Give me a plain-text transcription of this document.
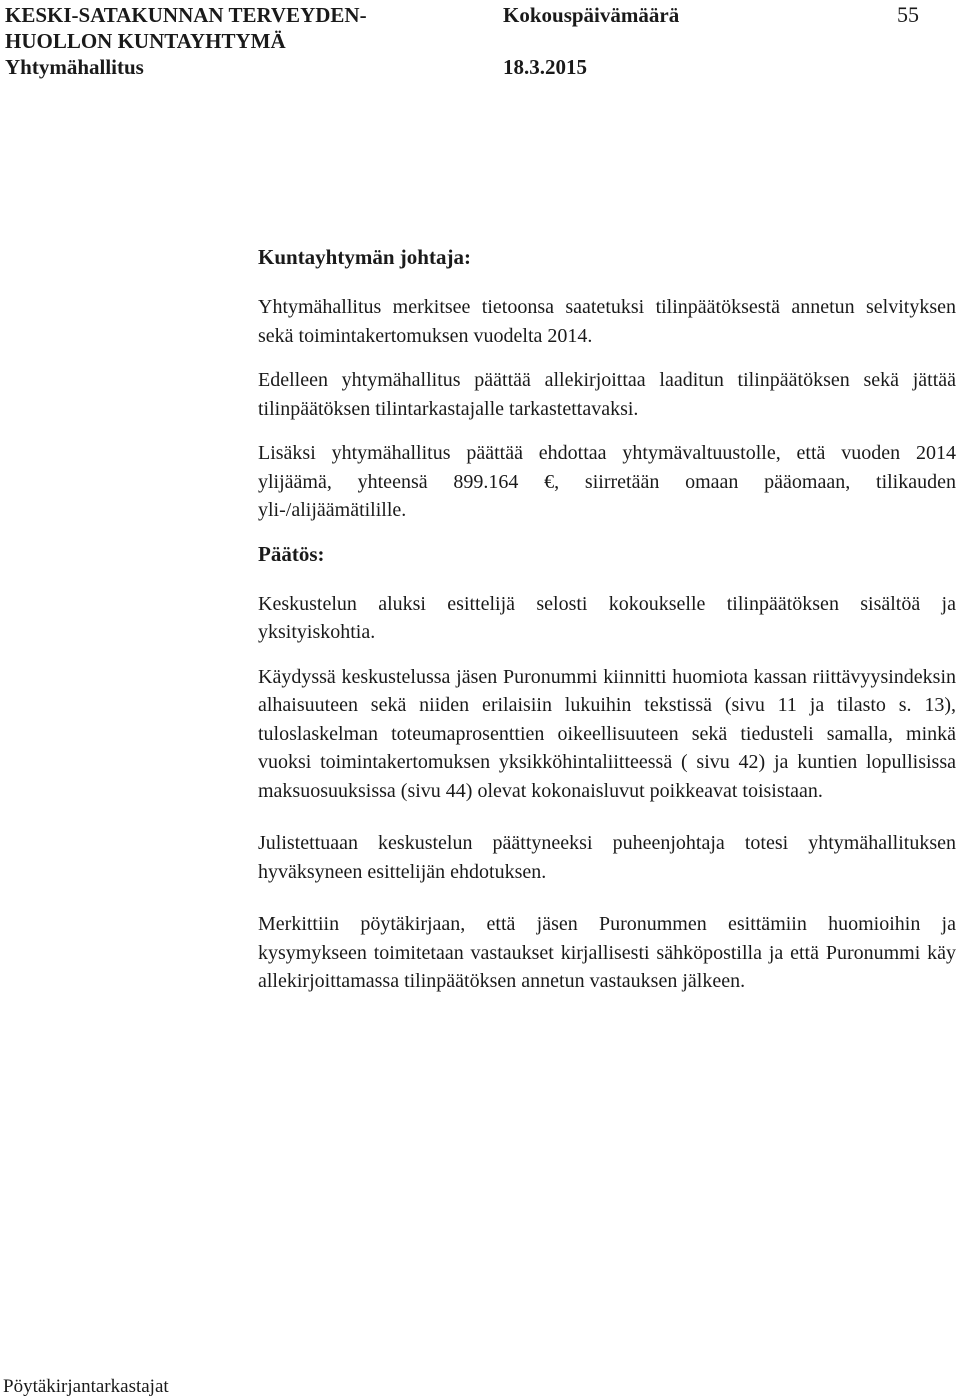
KESKI-SATAKUNNAN TERVEYDEN-
HUOLLON KUNTAYHTYMÄ
Yhtymähallitus
Kokouspäivämäärä
18.3.2015
55

Kuntayhtymän johtaja:

Yhtymähallitus merkitsee tietoonsa saatetuksi tilinpäätöksestä annetun selvityksen sekä toimintakertomuksen vuodelta 2014.

Edelleen yhtymähallitus päättää allekirjoittaa laaditun tilinpäätöksen sekä jättää tilinpäätöksen tilintarkastajalle tarkastettavaksi.

Lisäksi yhtymähallitus päättää ehdottaa yhtymävaltuustolle, että vuoden 2014 ylijäämä, yhteensä 899.164 €, siirretään omaan pääomaan, tilikauden yli-/alijäämätilille.

Päätös:

Keskustelun aluksi esittelijä selosti kokoukselle tilinpäätöksen sisältöä ja yksityiskohtia.

Käydyssä keskustelussa jäsen Puronummi kiinnitti huomiota kassan riittävyysindeksin alhaisuuteen sekä niiden erilaisiin lukuihin tekstissä (sivu 11 ja tilasto s. 13), tuloslaskelman toteumaprosenttien oikeellisuuteen sekä tiedusteli samalla, minkä vuoksi toimintakertomuksen yksikköhintaliitteessä ( sivu 42) ja kuntien lopullisissa maksuosuuksissa (sivu 44) olevat kokonaisluvut poikkeavat toisistaan.

Julistettuaan keskustelun päättyneeksi puheenjohtaja totesi yhtymähallituksen hyväksyneen esittelijän ehdotuksen.

Merkittiin pöytäkirjaan, että jäsen Puronummen esittämiin huomioihin ja kysymykseen toimitetaan vastaukset kirjallisesti sähköpostilla ja että Puronummi käy allekirjoittamassa tilinpäätöksen annetun vastauksen jälkeen.

Pöytäkirjantarkastajat
